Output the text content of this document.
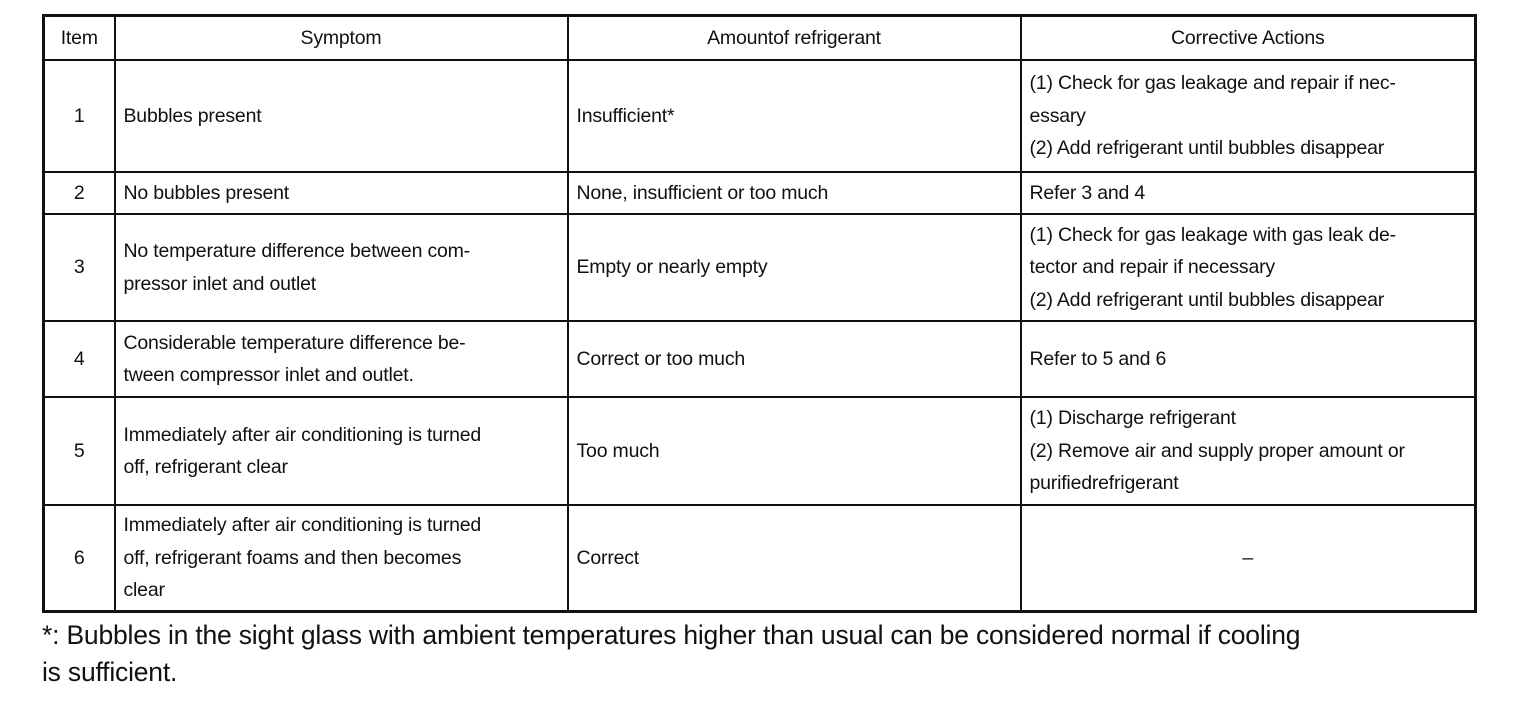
Item	Symptom	Amountof refrigerant	Corrective Actions
1	Bubbles present	Insufficient*	(1) Check for gas leakage and repair if nec-
essary
(2) Add refrigerant until bubbles disappear

2	No bubbles present	None, insufficient or too much	Refer 3 and 4

3	No temperature difference between com-
pressor inlet and outlet	Empty or nearly empty	(1) Check for gas leakage with gas leak de-
tector and repair if necessary
(2) Add refrigerant until bubbles disappear

4	Considerable temperature difference be-
tween compressor inlet and outlet.	Correct or too much	Refer to 5 and 6

5	Immediately after air conditioning is turned
off, refrigerant clear	Too much	(1) Discharge refrigerant
(2) Remove air and supply proper amount or
purifiedrefrigerant

6	Immediately after air conditioning is turned
off, refrigerant foams and then becomes
clear	Correct	–
*: Bubbles in the sight glass with ambient temperatures higher than usual can be considered normal if cooling
is sufficient.
